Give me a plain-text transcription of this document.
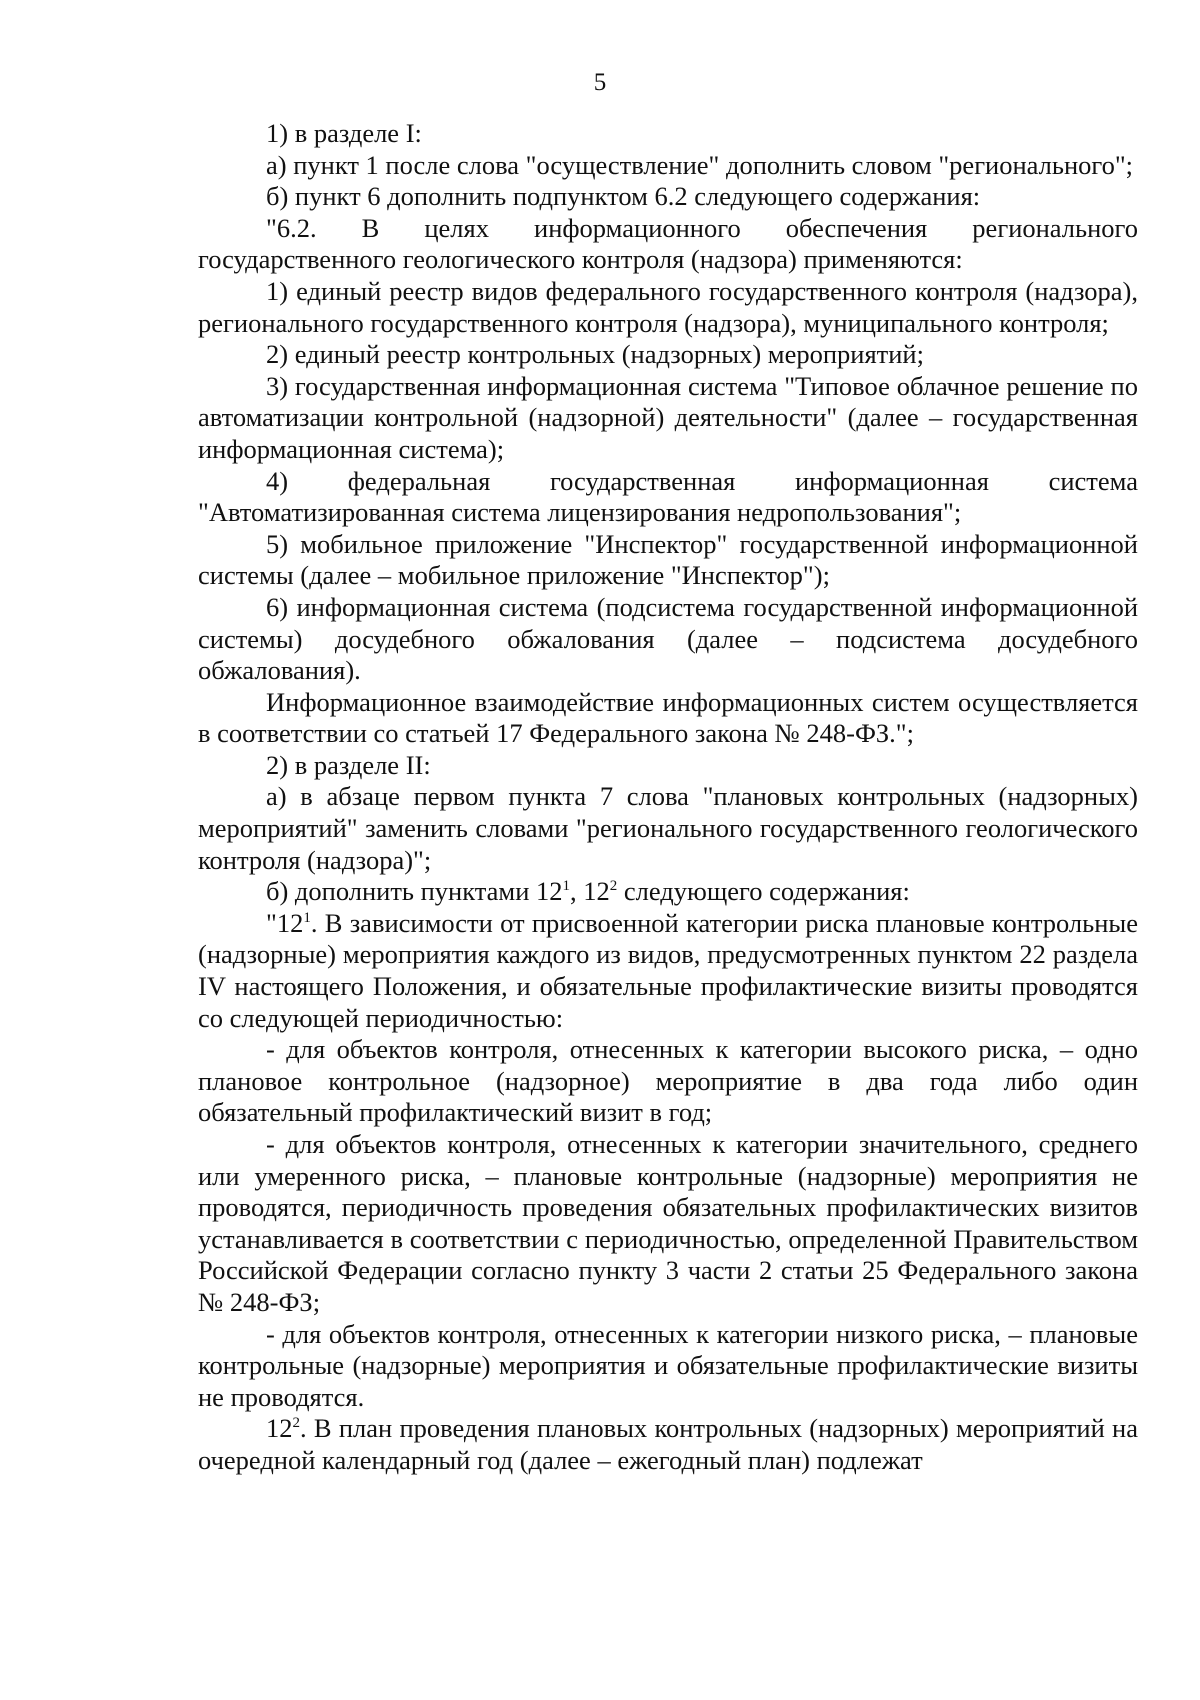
5

1) в разделе I:

а) пункт 1 после слова "осуществление" дополнить словом "регионального";

б) пункт 6 дополнить подпунктом 6.2 следующего содержания:

"6.2. В целях информационного обеспечения регионального государственного геологического контроля (надзора) применяются:

1) единый реестр видов федерального государственного контроля (надзора), регионального государственного контроля (надзора), муниципального контроля;

2) единый реестр контрольных (надзорных) мероприятий;

3) государственная информационная система "Типовое облачное решение по автоматизации контрольной (надзорной) деятельности" (далее – государственная информационная система);

4) федеральная государственная информационная система "Автоматизированная система лицензирования недропользования";

5) мобильное приложение "Инспектор" государственной информационной системы (далее – мобильное приложение "Инспектор");

6) информационная система (подсистема государственной информационной системы) досудебного обжалования (далее – подсистема досудебного обжалования).

Информационное взаимодействие информационных систем осуществляется в соответствии со статьей 17 Федерального закона № 248-ФЗ.";

2) в разделе II:

а) в абзаце первом пункта 7 слова "плановых контрольных (надзорных) мероприятий" заменить словами "регионального государственного геологического контроля (надзора)";

б) дополнить пунктами $12^1$, $12^2$ следующего содержания:

"$12^1$. В зависимости от присвоенной категории риска плановые контрольные (надзорные) мероприятия каждого из видов, предусмотренных пунктом 22 раздела IV настоящего Положения, и обязательные профилактические визиты проводятся со следующей периодичностью:

- для объектов контроля, отнесенных к категории высокого риска, – одно плановое контрольное (надзорное) мероприятие в два года либо один обязательный профилактический визит в год;

- для объектов контроля, отнесенных к категории значительного, среднего или умеренного риска, – плановые контрольные (надзорные) мероприятия не проводятся, периодичность проведения обязательных профилактических визитов устанавливается в соответствии с периодичностью, определенной Правительством Российской Федерации согласно пункту 3 части 2 статьи 25 Федерального закона № 248-ФЗ;

- для объектов контроля, отнесенных к категории низкого риска, – плановые контрольные (надзорные) мероприятия и обязательные профилактические визиты не проводятся.

$12^2$. В план проведения плановых контрольных (надзорных) мероприятий на очередной календарный год (далее – ежегодный план) подлежат
